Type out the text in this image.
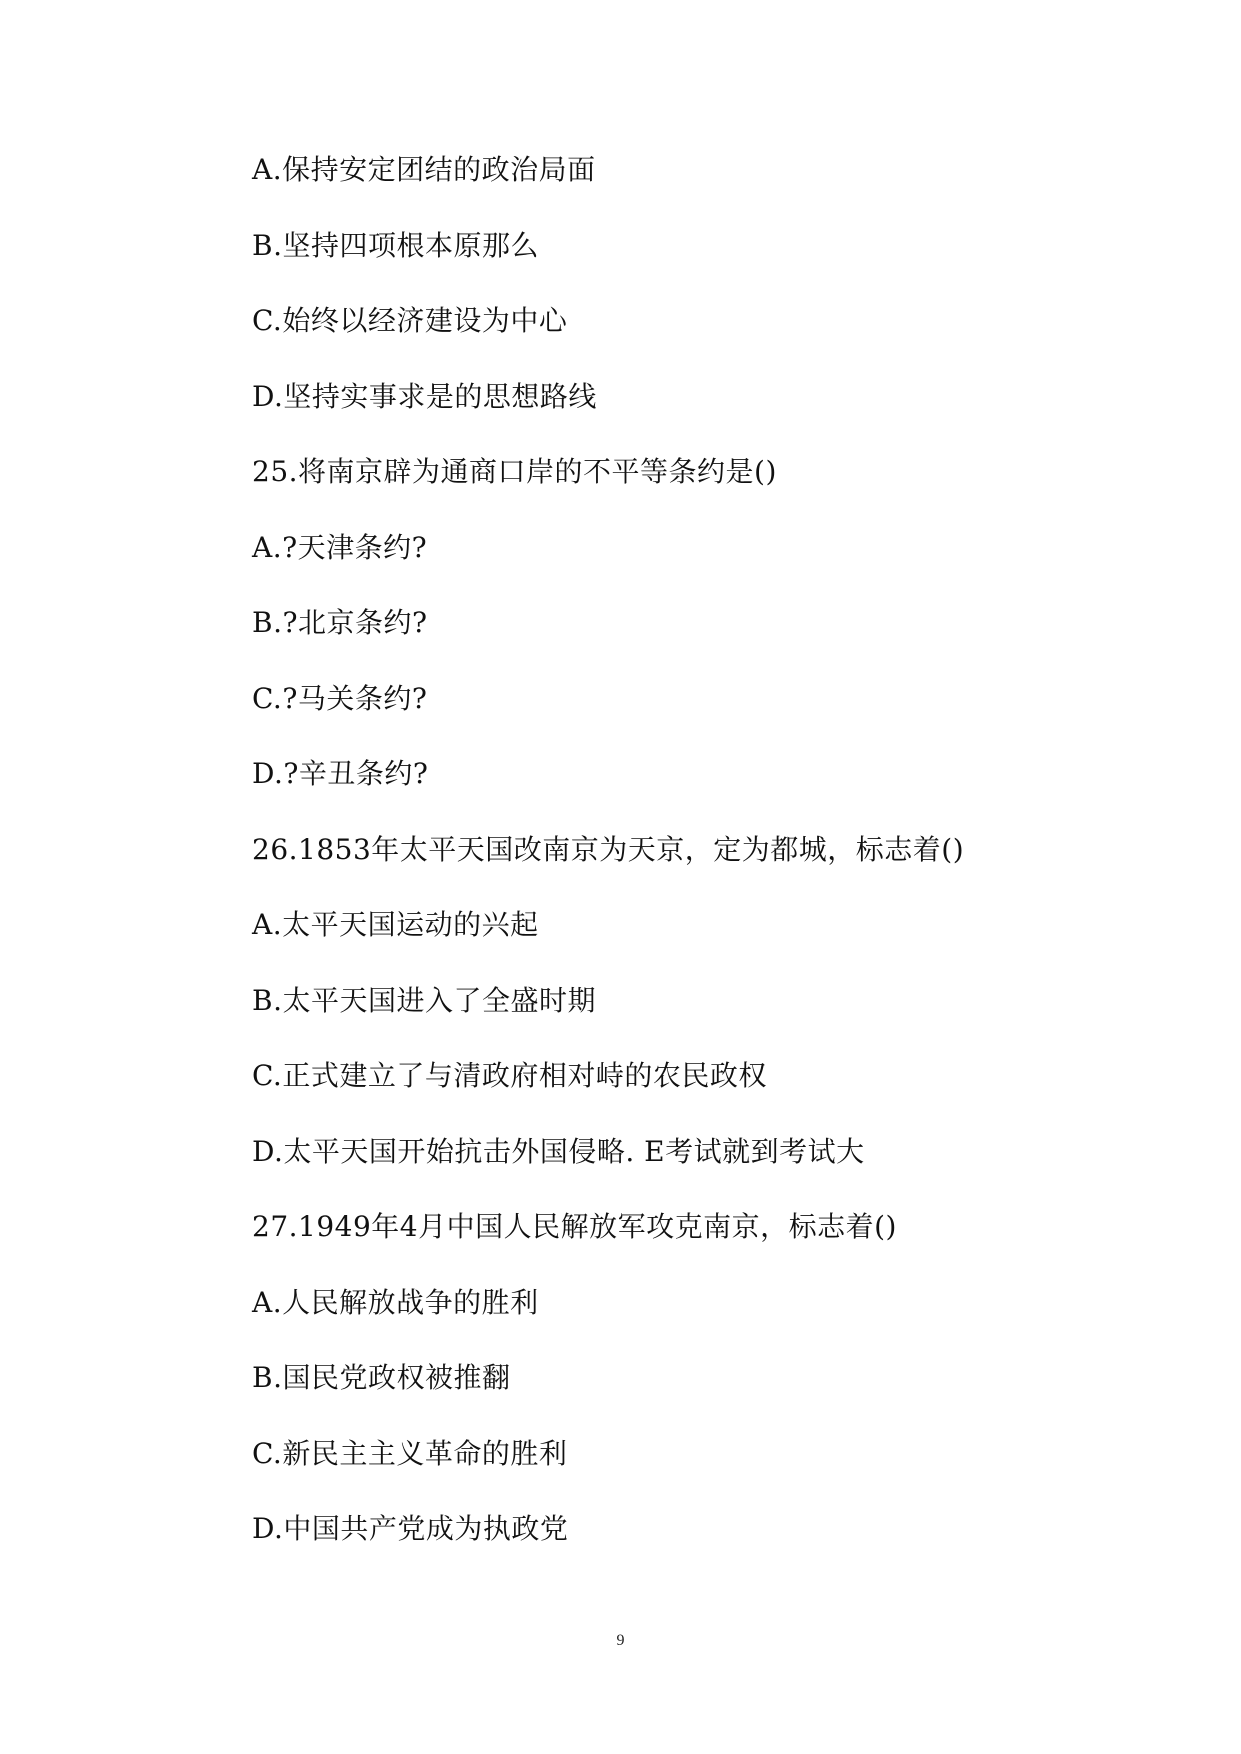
A.保持安定团结的政治局面
B.坚持四项根本原那么
C.始终以经济建设为中心
D.坚持实事求是的思想路线
25.将南京辟为通商口岸的不平等条约是()
A.?天津条约?
B.?北京条约?
C.?马关条约?
D.?辛丑条约?
26.1853年太平天国改南京为天京，定为都城，标志着()
A.太平天国运动的兴起
B.太平天国进入了全盛时期
C.正式建立了与清政府相对峙的农民政权
D.太平天国开始抗击外国侵略. E考试就到考试大
27.1949年4月中国人民解放军攻克南京，标志着()
A.人民解放战争的胜利
B.国民党政权被推翻
C.新民主主义革命的胜利
D.中国共产党成为执政党
9
